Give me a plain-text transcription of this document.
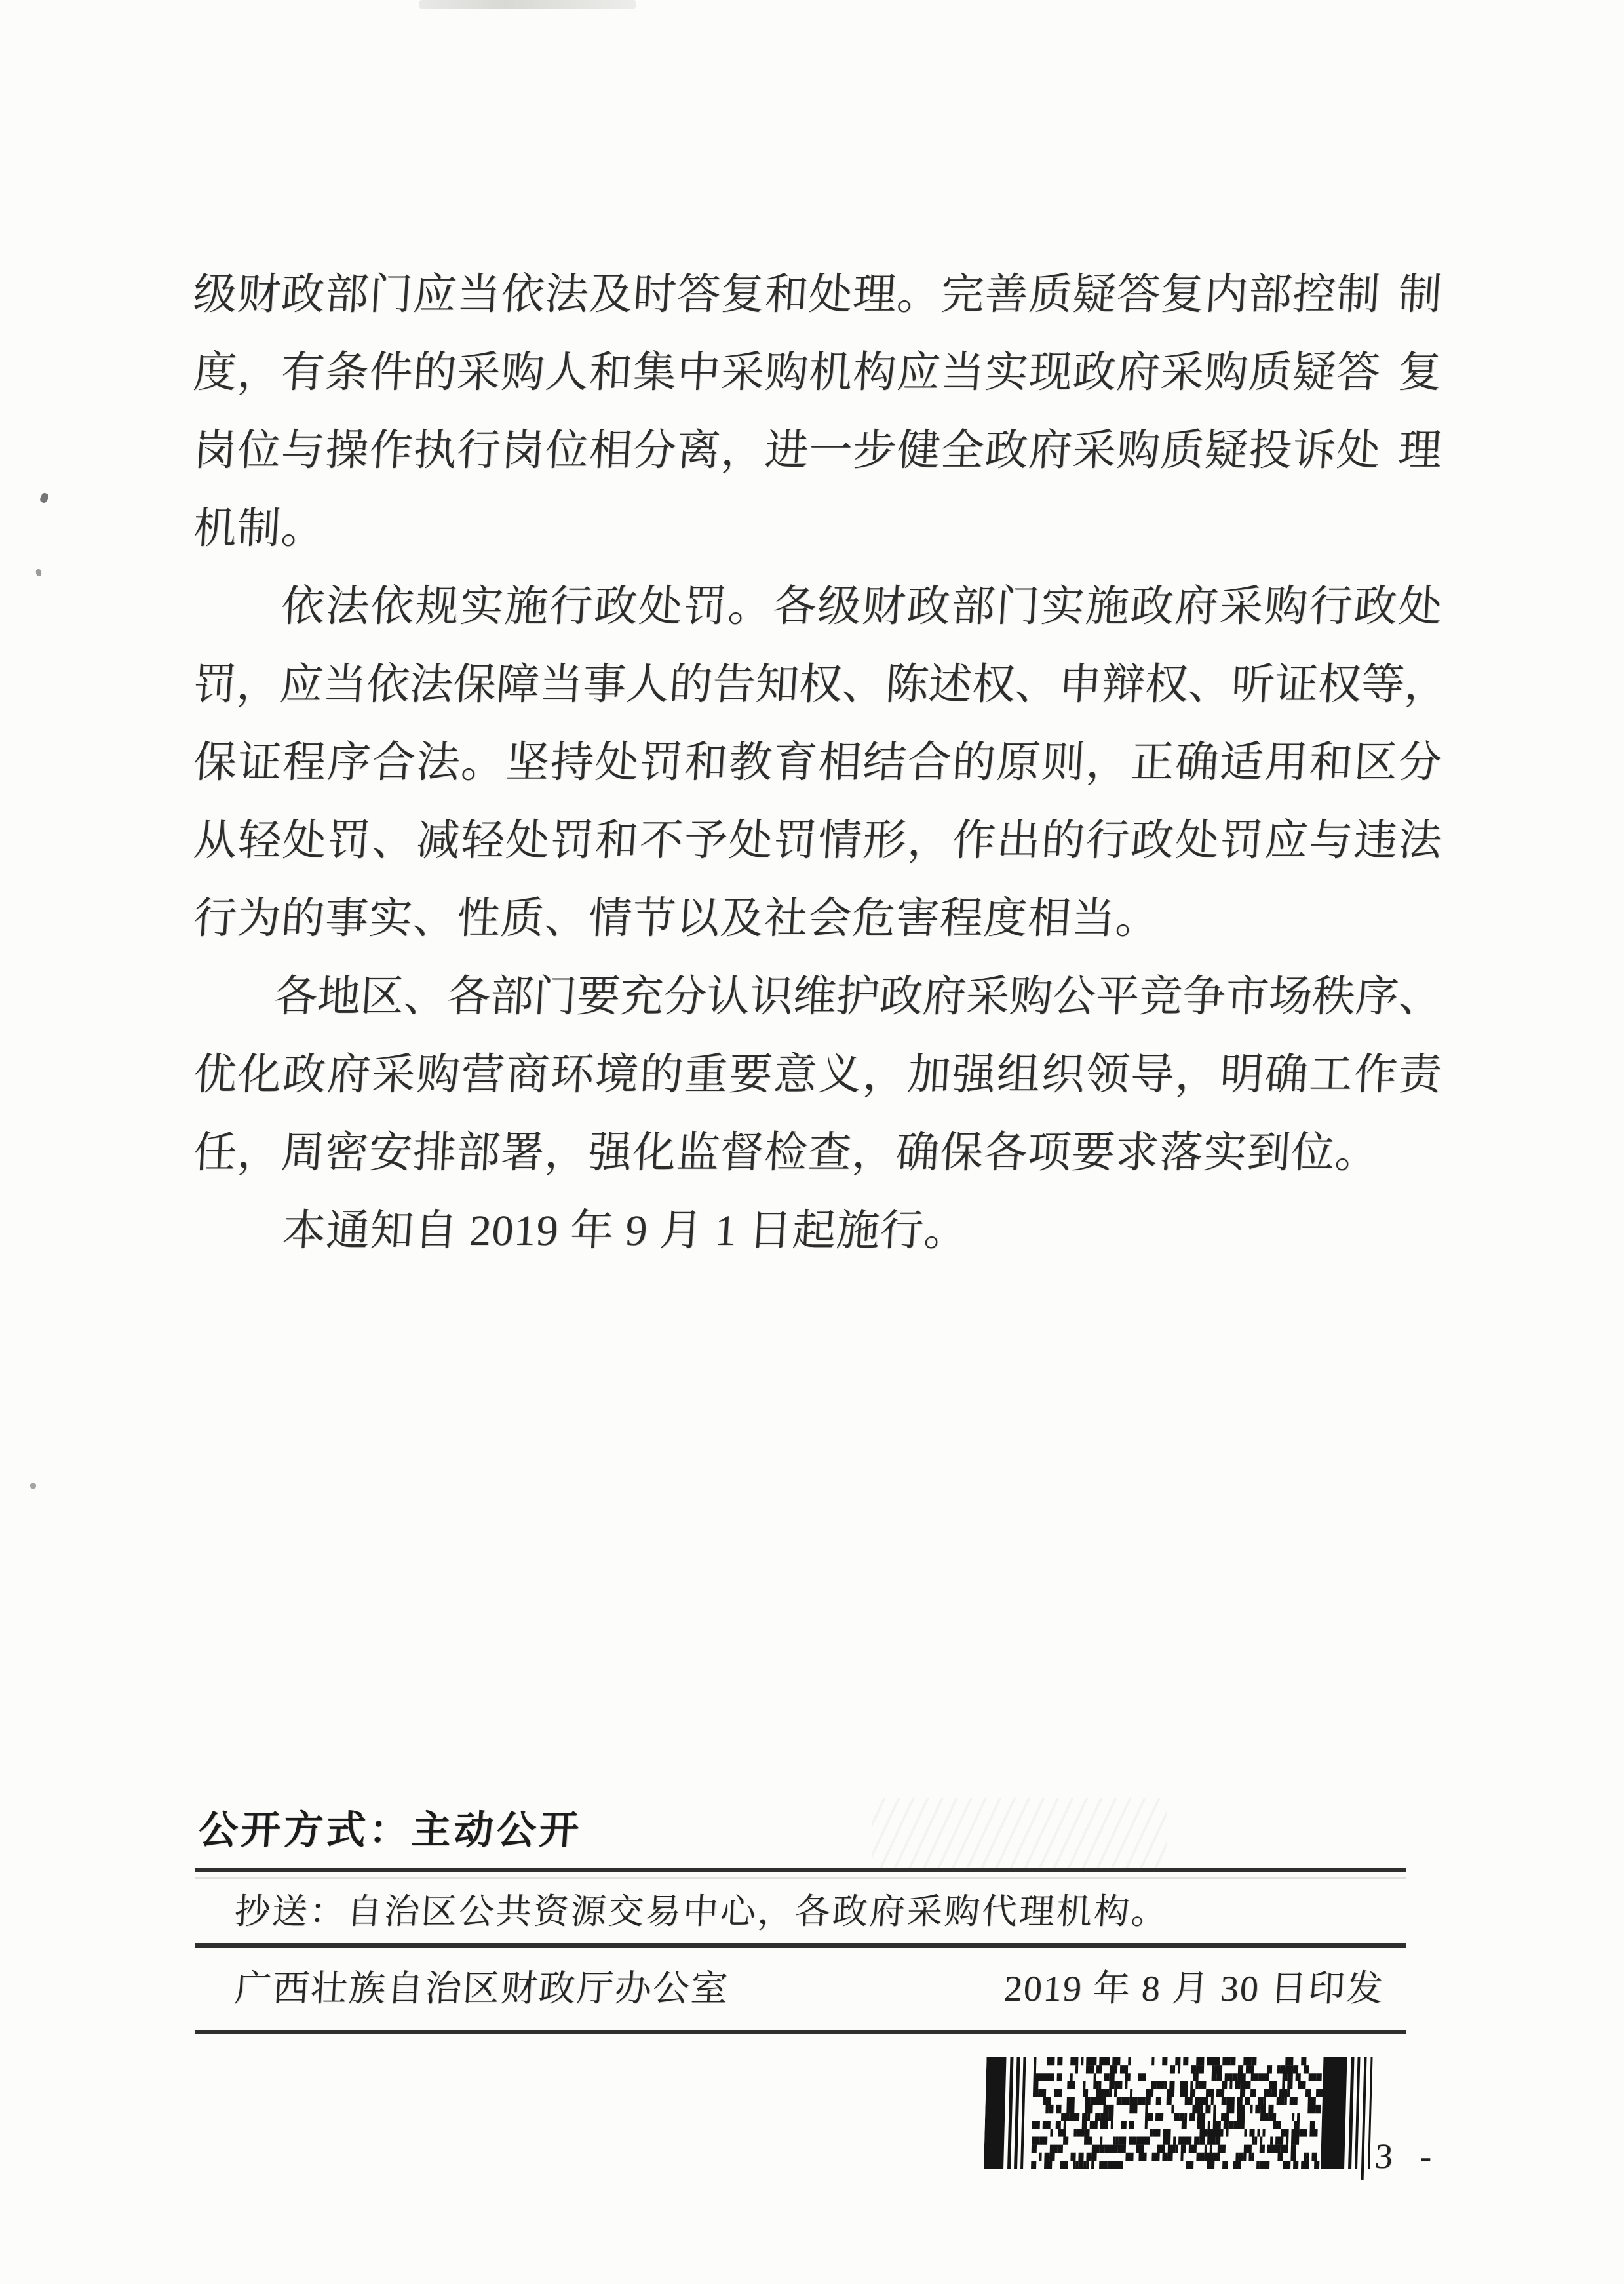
级
财
政
部
门
应
当
依
法
及
时
答
复
和
处
理
。
完
善
质
疑
答
复
内
部
控
制 制
度
，
有
条
件
的
采
购
人
和
集
中
采
购
机
构
应
当
实
现
政
府
采
购
质
疑
答 复
岗
位
与
操
作
执
行
岗
位
相
分
离
，
进
一
步
健
全
政
府
采
购
质
疑
投
诉
处 理
机制。
依
法
依
规
实
施
行
政
处
罚
。
各
级
财
政
部
门
实
施
政
府
采
购
行
政
处
罚
，
应
当
依
法
保
障
当
事
人
的
告
知
权
、
陈
述
权
、
申
辩
权
、
听
证
权
等
，
保
证
程
序
合
法
。
坚
持
处
罚
和
教
育
相
结
合
的
原
则
，
正
确
适
用
和
区
分
从
轻
处
罚
、
减
轻
处
罚
和
不
予
处
罚
情
形
，
作
出
的
行
政
处
罚
应
与
违
法
行为的事实、性质、情节以及社会危害程度相当。
各
地
区
、
各
部
门
要
充
分
认
识
维
护
政
府
采
购
公
平
竞
争
市
场
秩
序
、
优
化
政
府
采
购
营
商
环
境
的
重
要
意
义
，
加
强
组
织
领
导
，
明
确
工
作
责
任，周密安排部署，强化监督检查，确保各项要求落实到位。
本通知自 2019 年 9 月 1 日起施行。
公开方式：主动公开
抄送：自治区公共资源交易中心，各政府采购代理机构。
广西壮族自治区财政厅办公室	2019 年 8 月 30 日印发
3 -
